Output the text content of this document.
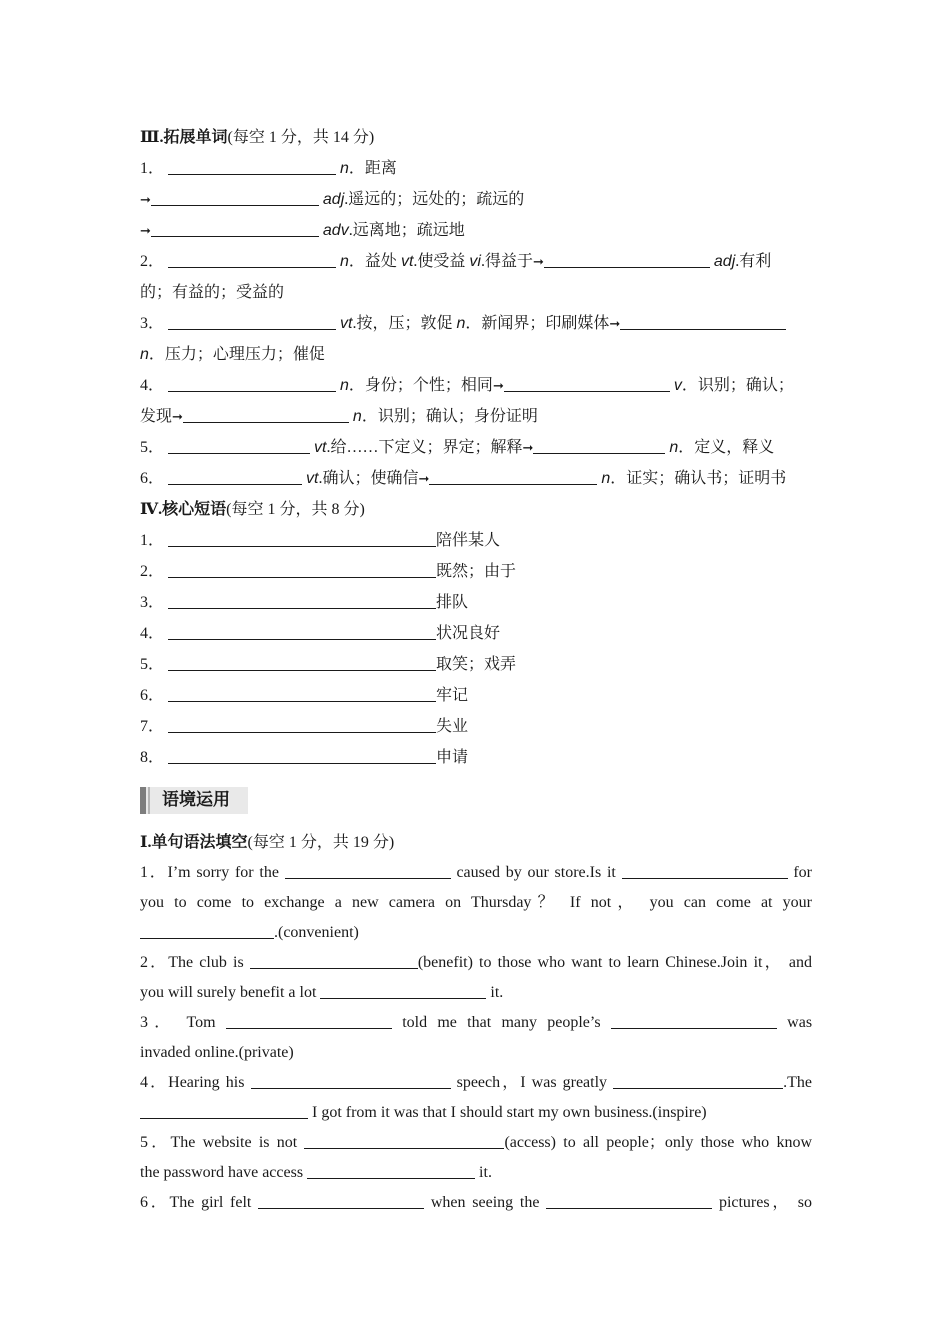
Ⅲ.拓展单词(每空 1 分，共 14 分)
1．	n．距离
➞	adj.遥远的；远处的；疏远的
➞	adv.远离地；疏远地
2．	n．益处 vt.使受益 vi.得益于➞	adj.有利
的；有益的；受益的
3．	vt.按，压；敦促 n．新闻界；印刷媒体➞
n．压力；心理压力；催促
4．	n．身份；个性；相同➞	v．识别；确认；
发现➞	n．识别；确认；身份证明
5．	vt.给……下定义；界定；解释➞	n．定义，释义
6．	vt.确认；使确信➞	n．证实；确认书；证明书
Ⅳ.核心短语(每空 1 分，共 8 分)
1．	陪伴某人
2．	既然；由于
3．	排队
4．	状况良好
5．	取笑；戏弄
6．	牢记
7．	失业
8．	申请
语境运用
Ⅰ.单句语法填空(每空 1 分，共 19 分)
1．I’m sorry for the	caused by our store.Is it	for
you to come to exchange a new camera on Thursday？ If not， you can come at your
.(convenient)
2．The club is	(benefit) to those who want to learn Chinese.Join it， and
you will surely benefit a lot	it.
3． Tom	told me that many people’s	was
invaded online.(private)
4．Hearing his	speech，I was greatly	.The
I got from it was that I should start my own business.(inspire)
5．The website is not	(access) to all people；only those who know
the password have access	it.
6．The girl felt	when seeing the	pictures， so
